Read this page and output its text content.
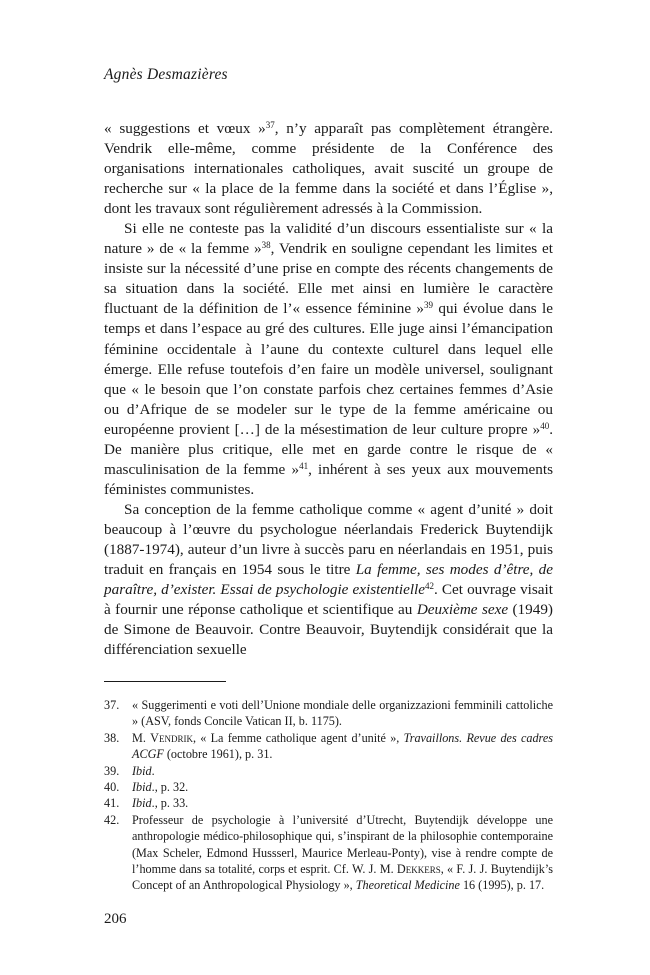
Agnès Desmazières

« suggestions et vœux »$^{37}$, n’y apparaît pas complètement étrangère. Vendrik elle-même, comme présidente de la Conférence des organisations internationales catholiques, avait suscité un groupe de recherche sur « la place de la femme dans la société et dans l’Église », dont les travaux sont régulièrement adressés à la Commission.

Si elle ne conteste pas la validité d’un discours essentialiste sur « la nature » de « la femme »$^{38}$, Vendrik en souligne cependant les limites et insiste sur la nécessité d’une prise en compte des récents changements de sa situation dans la société. Elle met ainsi en lumière le caractère fluctuant de la définition de l’« essence féminine »$^{39}$ qui évolue dans le temps et dans l’espace au gré des cultures. Elle juge ainsi l’émancipation féminine occidentale à l’aune du contexte culturel dans lequel elle émerge. Elle refuse toutefois d’en faire un modèle universel, soulignant que « le besoin que l’on constate parfois chez certaines femmes d’Asie ou d’Afrique de se modeler sur le type de la femme américaine ou européenne provient […] de la mésestimation de leur culture propre »$^{40}$. De manière plus critique, elle met en garde contre le risque de « masculinisation de la femme »$^{41}$, inhérent à ses yeux aux mouvements féministes communistes.

Sa conception de la femme catholique comme « agent d’unité » doit beaucoup à l’œuvre du psychologue néerlandais Frederick Buytendijk (1887-1974), auteur d’un livre à succès paru en néerlandais en 1951, puis traduit en français en 1954 sous le titre La femme, ses modes d’être, de paraître, d’exister. Essai de psychologie existentielle$^{42}$. Cet ouvrage visait à fournir une réponse catholique et scientifique au Deuxième sexe (1949) de Simone de Beauvoir. Contre Beauvoir, Buytendijk considérait que la différenciation sexuelle

37.	« Suggerimenti e voti dell’Unione mondiale delle organizzazioni femminili cattoliche » (ASV, fonds Concile Vatican II, b. 1175).
38.	M. Vendrik, « La femme catholique agent d’unité », Travaillons. Revue des cadres ACGF (octobre 1961), p. 31.
39.	Ibid.
40.	Ibid., p. 32.
41.	Ibid., p. 33.
42.	Professeur de psychologie à l’université d’Utrecht, Buytendijk développe une anthropologie médico-philosophique qui, s’inspirant de la philosophie contemporaine (Max Scheler, Edmond Hussserl, Maurice Merleau-Ponty), vise à rendre compte de l’homme dans sa totalité, corps et esprit. Cf. W. J. M. Dekkers, « F. J. J. Buytendijk’s Concept of an Anthropological Physiology », Theoretical Medicine 16 (1995), p. 17.
206
